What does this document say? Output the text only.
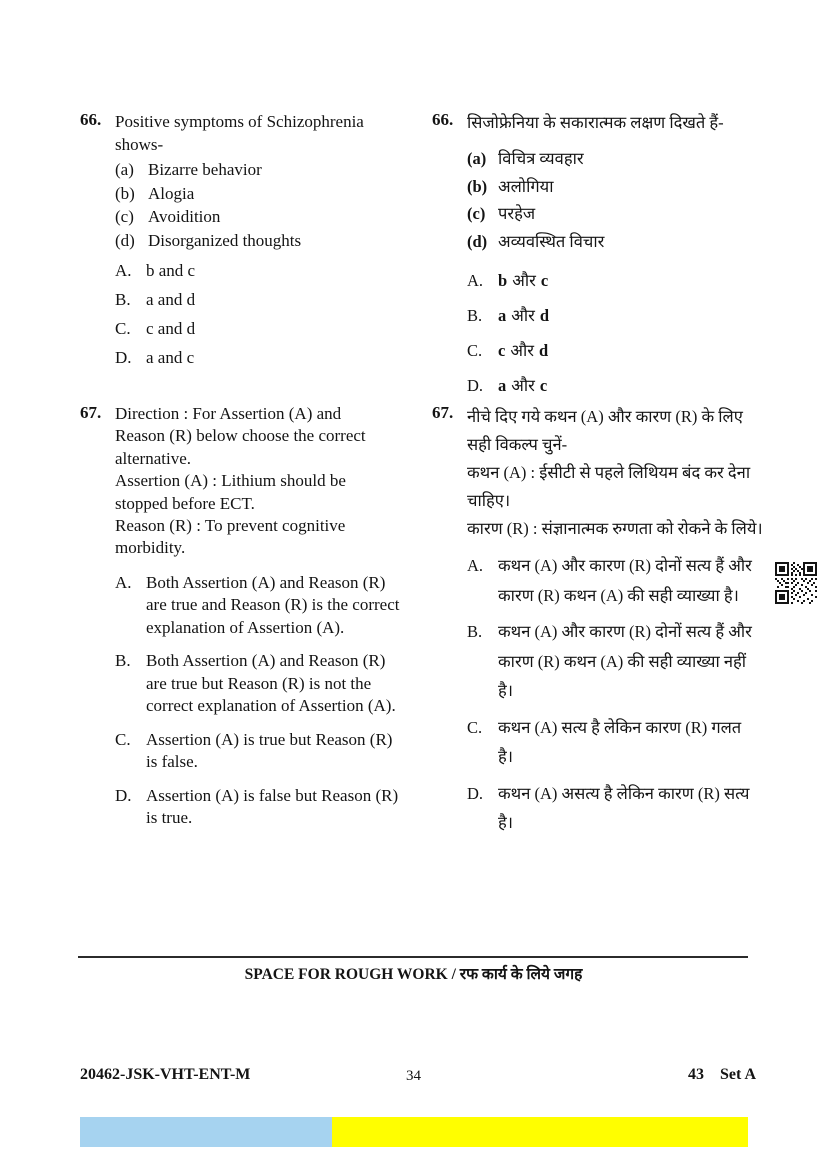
66. Positive symptoms of Schizophrenia shows-

(a) Bizarre behavior
(b) Alogia
(c) Avoidition
(d) Disorganized thoughts
A. b and c
B. a and d
C. c and d
D. a and c
66. सिजोफ्रेनिया के सकारात्मक लक्षण दिखते हैं-

(a) विचित्र व्यवहार
(b) अलोगिया
(c) परहेज
(d) अव्यवस्थित विचार
A. b और c
B. a और d
C. c और d
D. a और c
67. Direction : For Assertion (A) and Reason (R) below choose the correct alternative.

Assertion (A) : Lithium should be stopped before ECT.

Reason (R) : To prevent cognitive morbidity.

A. Both Assertion (A) and Reason (R) are true and Reason (R) is the correct explanation of Assertion (A).
B. Both Assertion (A) and Reason (R) are true but Reason (R) is not the correct explanation of Assertion (A).
C. Assertion (A) is true but Reason (R) is false.
D. Assertion (A) is false but Reason (R) is true.
67. नीचे दिए गये कथन (A) और कारण (R) के लिए सही विकल्प चुनें-

कथन (A) : ईसीटी से पहले लिथियम बंद कर देना चाहिए।

कारण (R) : संज्ञानात्मक रुग्णता को रोकने के लिये।

A. कथन (A) और कारण (R) दोनों सत्य हैं और कारण (R) कथन (A) की सही व्याख्या है।
B. कथन (A) और कारण (R) दोनों सत्य हैं और कारण (R) कथन (A) की सही व्याख्या नहीं है।
C. कथन (A) सत्य है लेकिन कारण (R) गलत है।
D. कथन (A) असत्य है लेकिन कारण (R) सत्य है।
SPACE FOR ROUGH WORK / रफ कार्य के लिये जगह
20462-JSK-VHT-ENT-M	34	43 Set A
